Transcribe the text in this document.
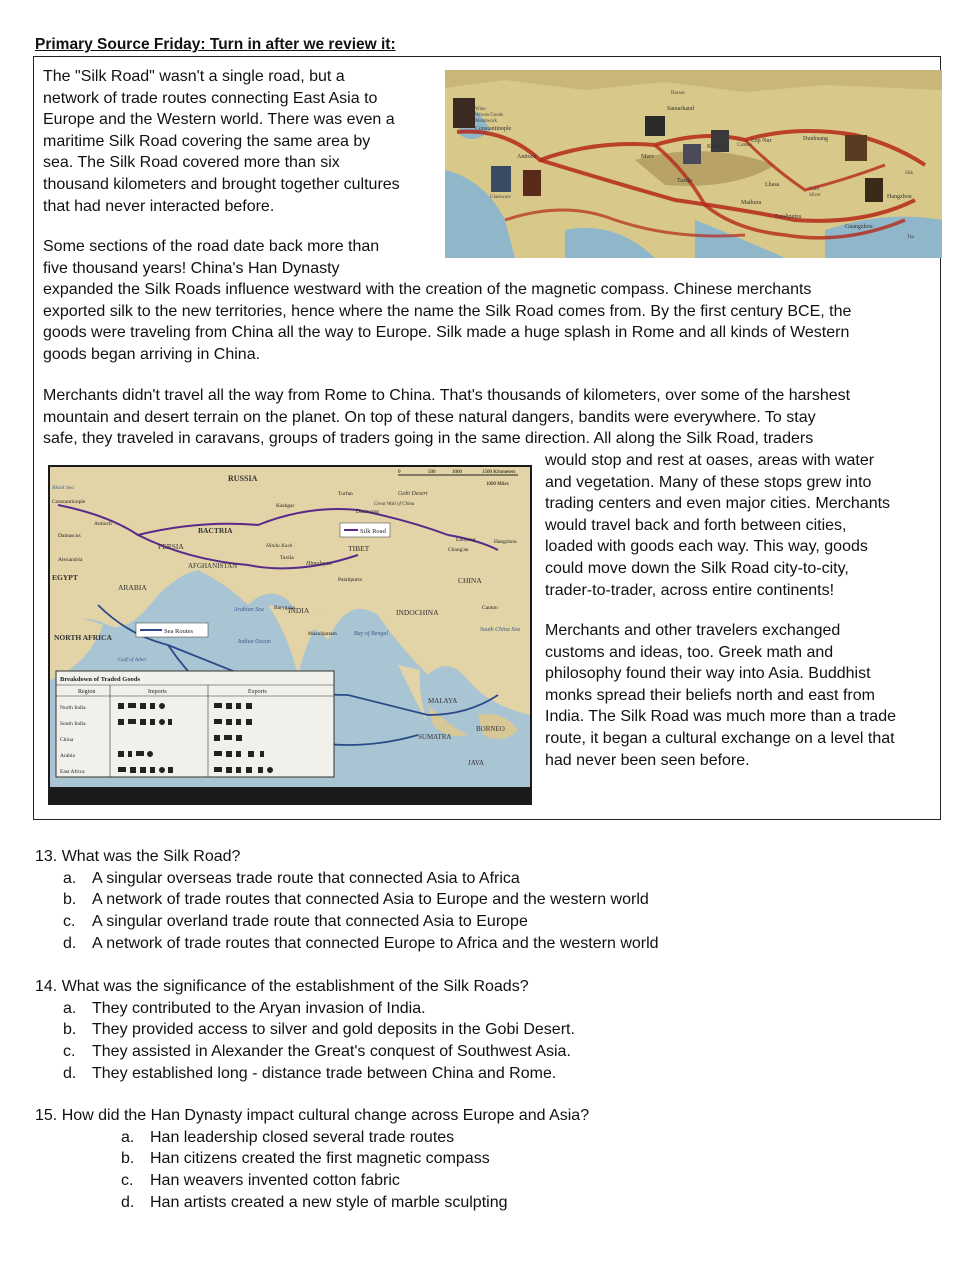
Primary Source Friday: Turn in after we review it:

The "Silk Road" wasn't a single road, but a
network of trade routes connecting East Asia to
Europe and the Western world. There was even a
maritime Silk Road covering the same area by
sea. The Silk Road covered more than six
thousand kilometers and brought together cultures
that had never interacted before.

Some sections of the road date back more than
five thousand years! China's Han Dynasty
expanded the Silk Roads influence westward with the creation of the magnetic compass. Chinese merchants
exported silk to the new territories, hence where the name the Silk Road comes from. By the first century BCE, the
goods were traveling from China all the way to Europe. Silk made a huge splash in Rome and all kinds of Western
goods began arriving in China.

Merchants didn't travel all the way from Rome to China. That's thousands of kilometers, over some of the harshest
mountain and desert terrain on the planet. On top of these natural dangers, bandits were everywhere. To stay
safe, they traveled in caravans, groups of traders going in the same direction. All along the Silk Road, traders

would stop and rest at oases, areas with water
and vegetation. Many of these stops grew into
trading centers and even major cities. Merchants
would travel back and forth between cities,
loaded with goods each way. This way, goods
could move down the Silk Road city-to-city,
trader-to-trader, across entire continents!

Merchants and other travelers exchanged
customs and ideas, too. Greek math and
philosophy found their way into Asia. Buddhist
monks spread their beliefs north and east from
India. The Silk Road was much more than a trade
route, it began a cultural exchange on a level that
had never been seen before.

Constantinople
Antioch	Merv
Samarkand
Kashgar
Lop Nur	Dunhuang
Lhasa
Pataliputra
Guangzhou
Hangzhou
Taxila
Mathura
Wine
Woven Goods
Metalwork
Glassware	Silver
Gold
Silk
Tea
Camels
Horses
Silk Road
Sea Routes
0	500	1000	1500 Kilometers
1000 Miles
RUSSIA
BACTRIA
PERSIA
AFGHANISTAN
ARABIA
EGYPT
NORTH AFRICA
TIBET
INDIA
CHINA
INDOCHINA
MALAYA
SUMATRA
BORNEO
JAVA
Constantinople
Antioch
Damascus
Alexandria
Kashgar
Turfan
Dunhuang
Taxila
Luoyang
Chang'an
Hangzhou
Canton
Masulipatam
Barygaza
Pataliputra
Black Sea
Arabian Sea
Indian Ocean
Bay of Bengal
South China Sea
Gulf of Aden
Gobi Desert
Hindu Kush
Himalayas
Great Wall of China
Breakdown of Traded Goods
Region	Imports	Exports
North India
South India
China
Arabia
East Africa
13. What was the Silk Road?
a. A singular overseas trade route that connected Asia to Africa
b. A network of trade routes that connected Asia to Europe and the western world
c.	A singular overland trade route that connected Asia to Europe
d. A network of trade routes that connected Europe to Africa and the western world
14. What was the significance of the establishment of the Silk Roads?
a. They contributed to the Aryan invasion of India.
b. They provided access to silver and gold deposits in the Gobi Desert.
c.	They assisted in Alexander the Great's conquest of Southwest Asia.
d. They established long - distance trade between China and Rome.
15. How did the Han Dynasty impact cultural change across Europe and Asia?
a. Han leadership closed several trade routes
b. Han citizens created the first magnetic compass
c.	Han weavers invented cotton fabric
d. Han artists created a new style of marble sculpting
